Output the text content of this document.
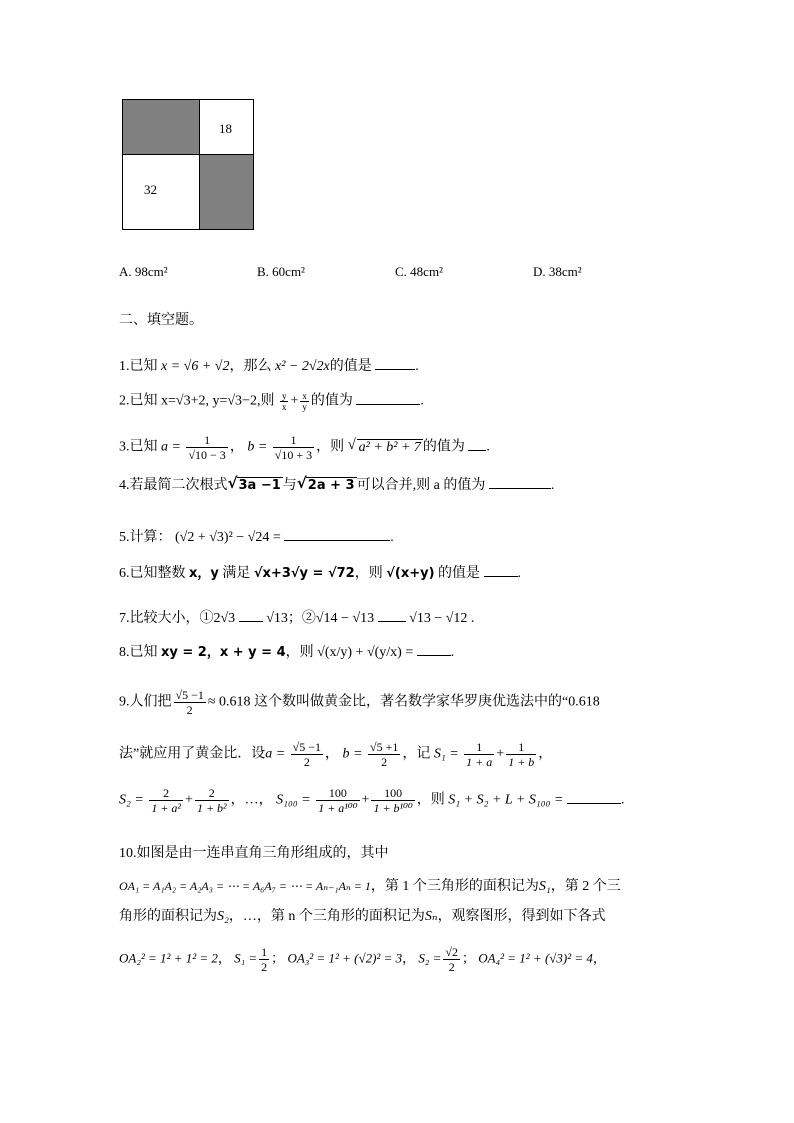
18
32
A. 98cm²	B. 60cm²	C. 48cm²	D. 38cm²
二、填空题。
1.已知 x = √6 + √2，那么 x² − 2√2x的值是	.
2.已知 x=√3+2, y=√3−2,则 $\frac{y}{x} + \frac{x}{y}$ 的值为	.
3.已知 $a = \frac{1}{√10 - 3}$ ， $b = \frac{1}{√10 + 3}$ ，则 √ a² + b² + 7 的值为 .
4.若最简二次根式 √ 3a −1 与 √ 2a + 3 可以合并,则 a 的值为	.
5.计算： (√2 + √3)² − √24 =	.
6.已知整数 x，y 满足 √x+3√y = √72，则 √(x+y) 的值是	.
7.比较大小，①2√3 √13；②√14 − √13	√13 − √12 .
8.已知 xy = 2，x + y = 4，则 √(x/y) + √(y/x) =	.
9.人们把 $\frac{√5 -1}{2} \approx 0.618$ 这个数叫做黄金比，著名数学家华罗庚优选法中的“0.618
法”就应用了黄金比．设$a = \frac{√5 -1}{2}$ ， $b = \frac{√5 +1}{2}$ ，记 $S_1 = \frac{1}{1 + a} + \frac{1}{1 + b}$ ，
$S_2 = \frac{2}{\text{1 + a²}} + \frac{2}{\text{1 + b²}}$ ，…， $S_{100} = \frac{100}{\text{1 + a¹⁰⁰}} + \frac{100}{\text{1 + b¹⁰⁰}}$ ，则 S₁ + S₂ + L + S₁₀₀ =	.
10.如图是由一连串直角三角形组成的，其中
OA₁ = A₁A₂ = A₂A₃ = ⋯ = A₆A₇ = ⋯ = Aₙ₋₁Aₙ = 1，第 1 个三角形的面积记为S₁，第 2 个三
角形的面积记为S₂，…，第 n 个三角形的面积记为Sₙ，观察图形，得到如下各式
OA₂² = 1² + 1² = 2， $S_1 = \frac{1}{2}$ ； OA₃² = 1² + (√2)² = 3， $S_2 = \frac{√2}{2}$ ； OA₄² = 1² + (√3)² = 4，
